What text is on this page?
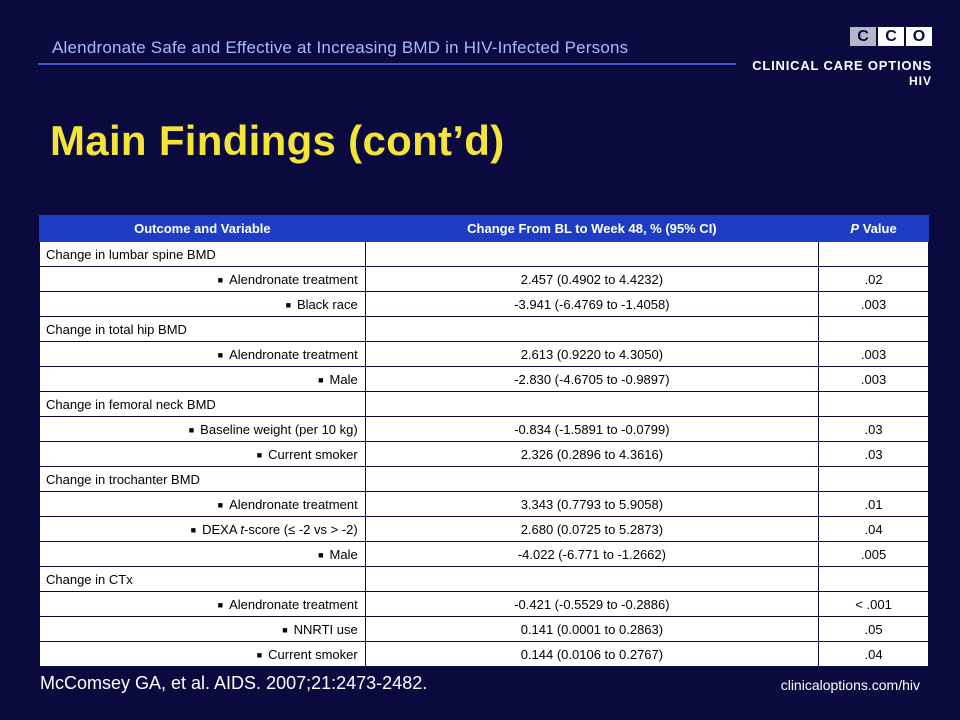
Alendronate Safe and Effective at Increasing BMD in HIV-Infected Persons
C	C O
CLINICAL CARE OPTIONS
HIV
Main Findings (cont’d)
Outcome and Variable	Change From BL to Week 48, % (95% CI)	P Value
Change in lumbar spine BMD		
■ Alendronate treatment	2.457 (0.4902 to 4.4232)	.02
■ Black race	-3.941 (-6.4769 to -1.4058)	.003
Change in total hip BMD		
■ Alendronate treatment	2.613 (0.9220 to 4.3050)	.003
■ Male	-2.830 (-4.6705 to -0.9897)	.003
Change in femoral neck BMD		
■ Baseline weight (per 10 kg)	-0.834 (-1.5891 to -0.0799)	.03
■ Current smoker	2.326 (0.2896 to 4.3616)	.03
Change in trochanter BMD		
■ Alendronate treatment	3.343 (0.7793 to 5.9058)	.01
■ DEXA t-score (≤ -2 vs > -2)	2.680 (0.0725 to 5.2873)	.04
■ Male	-4.022 (-6.771 to -1.2662)	.005
Change in CTx		
■ Alendronate treatment	-0.421 (-0.5529 to -0.2886)	< .001
■ NNRTI use	0.141 (0.0001 to 0.2863)	.05
■ Current smoker	0.144 (0.0106 to 0.2767)	.04
McComsey GA, et al. AIDS. 2007;21:2473-2482.	clinicaloptions.com/hiv
